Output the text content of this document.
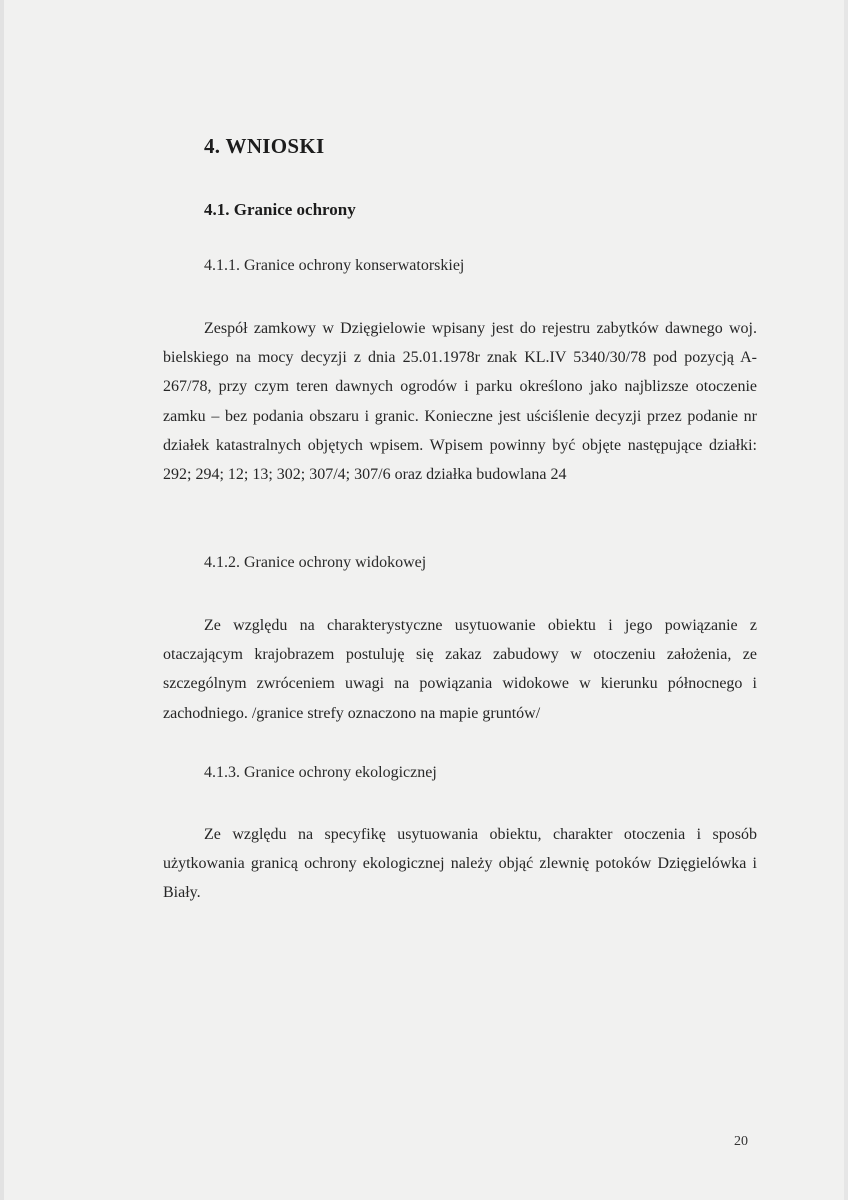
4. WNIOSKI
4.1. Granice ochrony
4.1.1. Granice ochrony konserwatorskiej

Zespół zamkowy w Dzięgielowie wpisany jest do rejestru zabytków dawnego woj. bielskiego na mocy decyzji z dnia 25.01.1978r znak KL.IV 5340/30/78 pod pozycją A-267/78, przy czym teren dawnych ogrodów i parku określono jako najblizsze otoczenie zamku – bez podania obszaru i granic. Konieczne jest uściślenie decyzji przez podanie nr działek katastralnych objętych wpisem. Wpisem powinny być objęte następujące działki: 292; 294; 12; 13; 302; 307/4; 307/6 oraz działka budowlana 24

4.1.2. Granice ochrony widokowej

Ze względu na charakterystyczne usytuowanie obiektu i jego powiązanie z otaczającym krajobrazem postuluję się zakaz zabudowy w otoczeniu założenia, ze szczególnym zwróceniem uwagi na powiązania widokowe w kierunku północnego i zachodniego. /granice strefy oznaczono na mapie gruntów/

4.1.3. Granice ochrony ekologicznej

Ze względu na specyfikę usytuowania obiektu, charakter otoczenia i sposób użytkowania granicą ochrony ekologicznej należy objąć zlewnię potoków Dzięgielówka i Biały.

20
